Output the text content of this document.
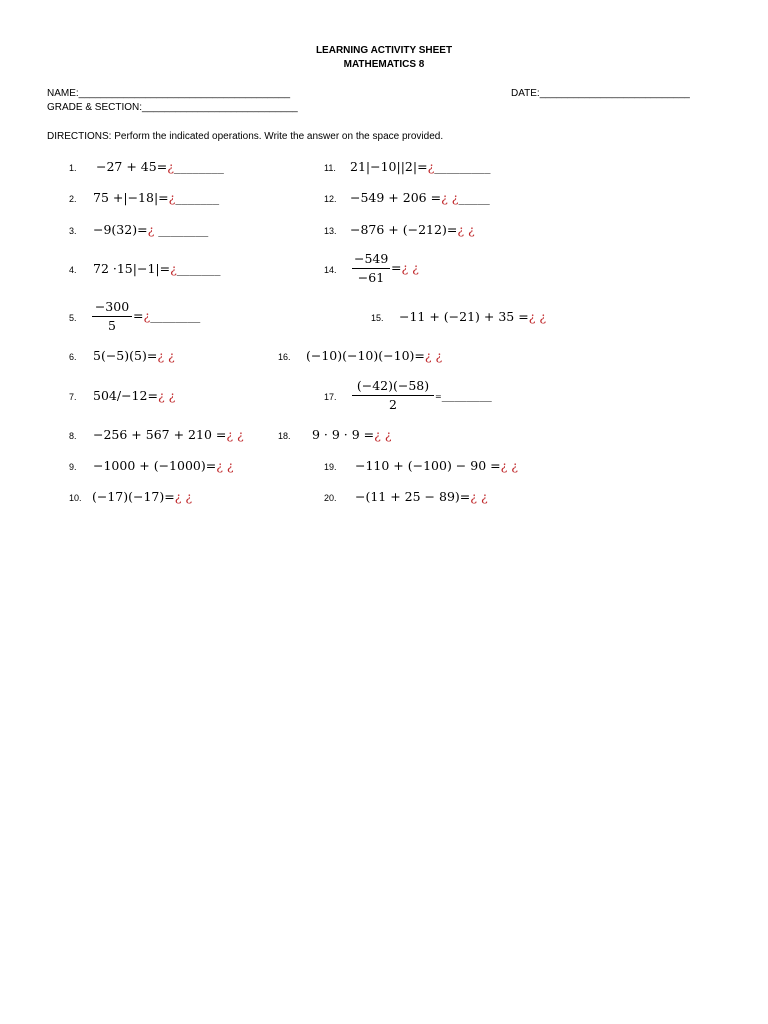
LEARNING ACTIVITY SHEET
MATHEMATICS 8
NAME:______________________________________	DATE:___________________________
GRADE & SECTION:____________________________
DIRECTIONS: Perform the indicated operations. Write the answer on the space provided.
1. −27 + 45=¿________
2. 75 +|−18|=¿_______
3. −9(32)=¿ ________
4. 72 ·15|−1|=¿_______
5. $\frac{-300}{5}$ =¿________
6. 5(−5)(5)=¿ ¿
7. 504/−12=¿ ¿
8. −256 + 567 + 210 =¿ ¿
9. −1000 + (−1000)=¿ ¿
10. (−17)(−17)=¿ ¿
11. 21|−10||2|=¿_________
12. −549 + 206 =¿ ¿_____
13. −876 + (−212)=¿ ¿
14. $\frac{-549}{-61}$ =¿ ¿
15. −11 + (−21) + 35 =¿ ¿
16. (−10)(−10)(−10)=¿ ¿
17. $\frac{(-42)(-58)}{2}$ =________
18. 9 · 9 · 9 =¿ ¿
19. −110 + (−100) − 90 =¿ ¿
20. −(11 + 25 − 89)=¿ ¿
